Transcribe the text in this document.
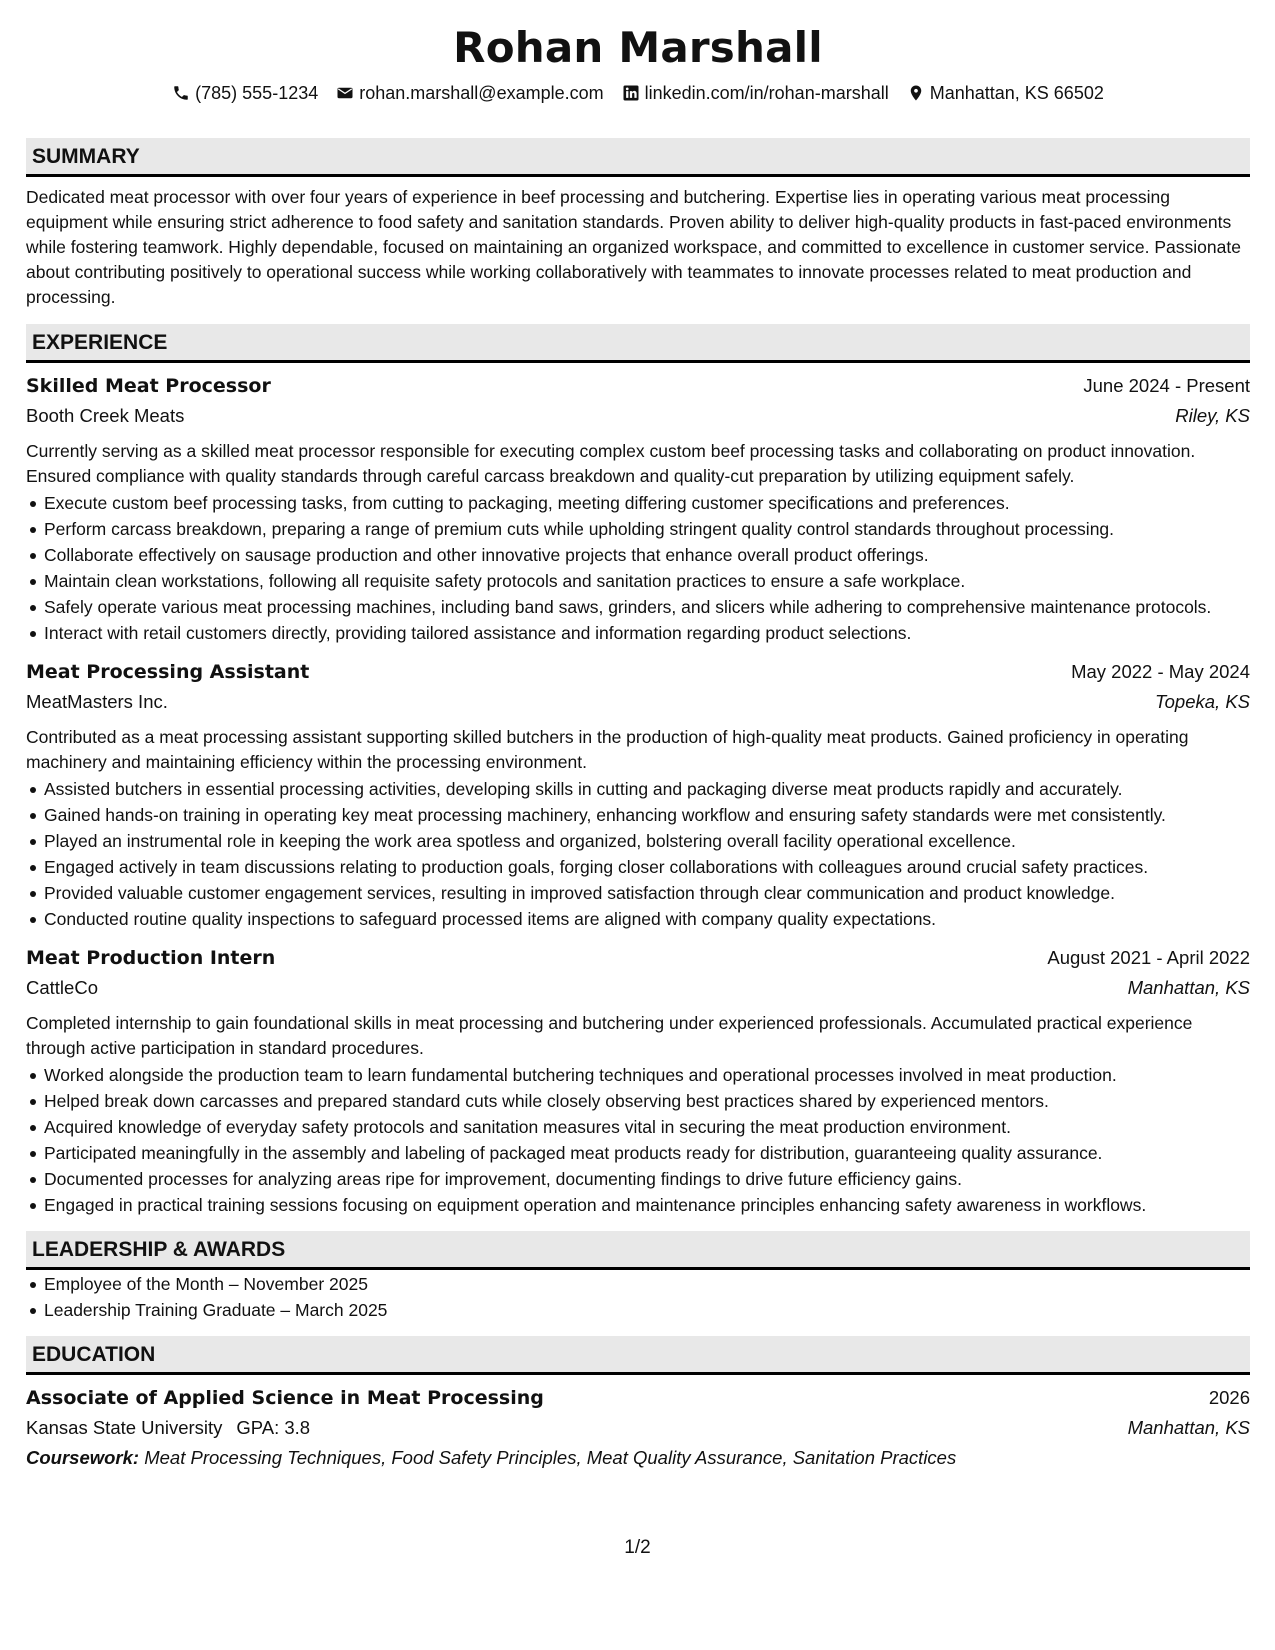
Rohan Marshall
(785) 555-1234 rohan.marshall@example.com linkedin.com/in/rohan-marshall Manhattan, KS 66502
SUMMARY

Dedicated meat processor with over four years of experience in beef processing and butchering. Expertise lies in operating various meat processing equipment while ensuring strict adherence to food safety and sanitation standards. Proven ability to deliver high-quality products in fast-paced environments while fostering teamwork. Highly dependable, focused on maintaining an organized workspace, and committed to excellence in customer service. Passionate about contributing positively to operational success while working collaboratively with teammates to innovate processes related to meat production and processing.

EXPERIENCE
Skilled Meat Processor	June 2024 - Present
Booth Creek Meats	Riley, KS

Currently serving as a skilled meat processor responsible for executing complex custom beef processing tasks and collaborating on product innovation. Ensured compliance with quality standards through careful carcass breakdown and quality-cut preparation by utilizing equipment safely.

Execute custom beef processing tasks, from cutting to packaging, meeting differing customer specifications and preferences.
Perform carcass breakdown, preparing a range of premium cuts while upholding stringent quality control standards throughout processing.
Collaborate effectively on sausage production and other innovative projects that enhance overall product offerings.
Maintain clean workstations, following all requisite safety protocols and sanitation practices to ensure a safe workplace.
Safely operate various meat processing machines, including band saws, grinders, and slicers while adhering to comprehensive maintenance protocols.
Interact with retail customers directly, providing tailored assistance and information regarding product selections.
Meat Processing Assistant	May 2022 - May 2024
MeatMasters Inc.	Topeka, KS

Contributed as a meat processing assistant supporting skilled butchers in the production of high-quality meat products. Gained proficiency in operating machinery and maintaining efficiency within the processing environment.

Assisted butchers in essential processing activities, developing skills in cutting and packaging diverse meat products rapidly and accurately.
Gained hands-on training in operating key meat processing machinery, enhancing workflow and ensuring safety standards were met consistently.
Played an instrumental role in keeping the work area spotless and organized, bolstering overall facility operational excellence.
Engaged actively in team discussions relating to production goals, forging closer collaborations with colleagues around crucial safety practices.
Provided valuable customer engagement services, resulting in improved satisfaction through clear communication and product knowledge.
Conducted routine quality inspections to safeguard processed items are aligned with company quality expectations.
Meat Production Intern	August 2021 - April 2022
CattleCo	Manhattan, KS

Completed internship to gain foundational skills in meat processing and butchering under experienced professionals. Accumulated practical experience through active participation in standard procedures.

Worked alongside the production team to learn fundamental butchering techniques and operational processes involved in meat production.
Helped break down carcasses and prepared standard cuts while closely observing best practices shared by experienced mentors.
Acquired knowledge of everyday safety protocols and sanitation measures vital in securing the meat production environment.
Participated meaningfully in the assembly and labeling of packaged meat products ready for distribution, guaranteeing quality assurance.
Documented processes for analyzing areas ripe for improvement, documenting findings to drive future efficiency gains.
Engaged in practical training sessions focusing on equipment operation and maintenance principles enhancing safety awareness in workflows.
LEADERSHIP & AWARDS
Employee of the Month – November 2025
Leadership Training Graduate – March 2025
EDUCATION
Associate of Applied Science in Meat Processing	2026
Kansas State University GPA: 3.8	Manhattan, KS
Coursework: Meat Processing Techniques, Food Safety Principles, Meat Quality Assurance, Sanitation Practices
1/2
